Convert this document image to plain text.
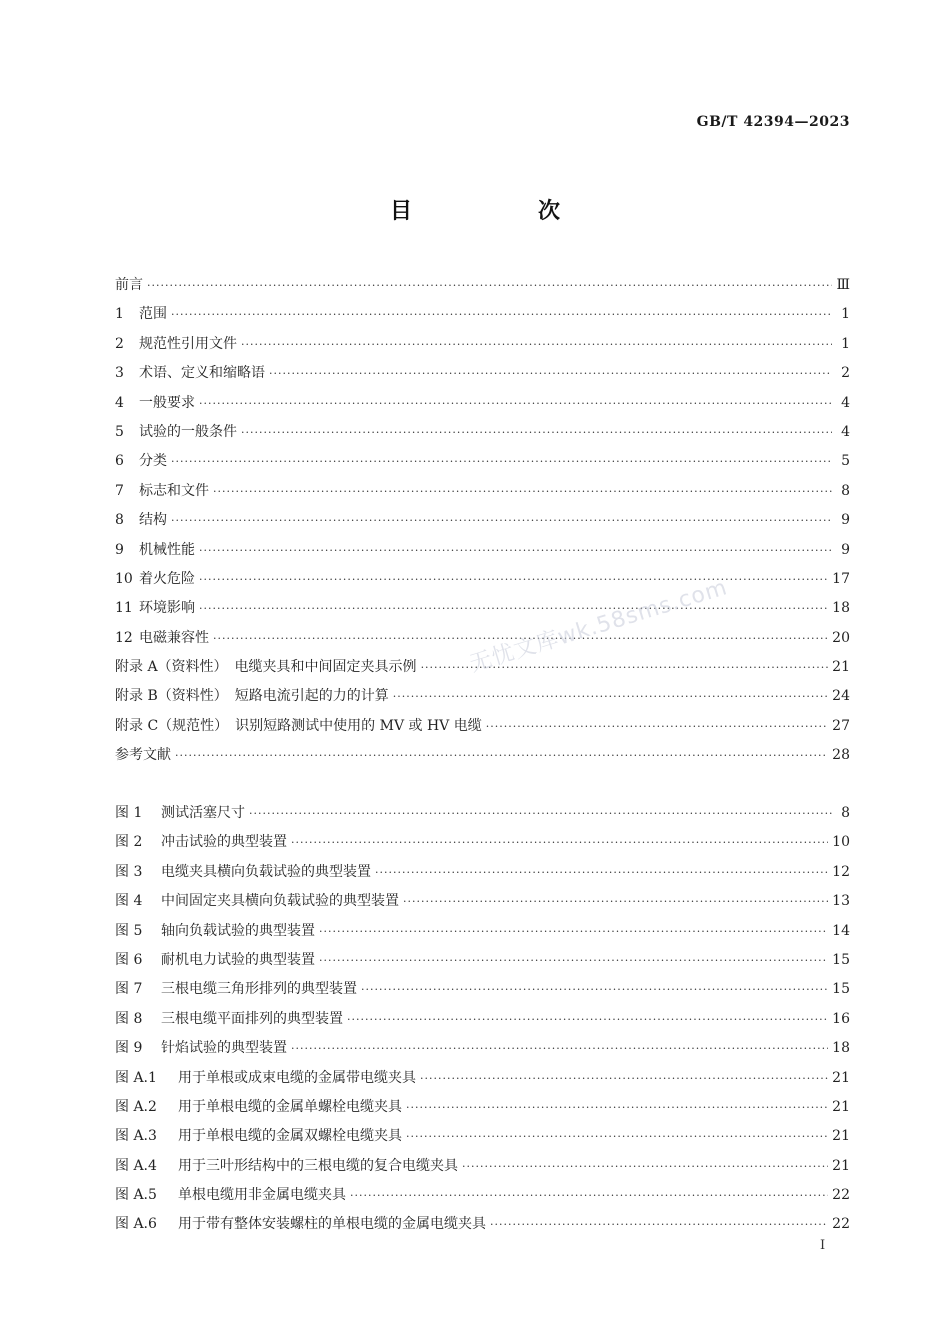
GB/T 42394—2023
目　次
前言 ·····	Ⅲ
1	范围 ·····	1
2	规范性引用文件 ·····	1
3	术语、定义和缩略语 ·····	2
4	一般要求 ·····	4
5	试验的一般条件 ·····	4
6	分类 ·····	5
7	标志和文件 ·····	8
8	结构 ·····	9
9	机械性能 ·····	9
10 着火危险 ·····	17
11 环境影响 ·····	18
12 电磁兼容性 ·····	20
附录 A（资料性）　电缆夹具和中间固定夹具示例 ·····	21
附录 B（资料性）　短路电流引起的力的计算 ·····	24
附录 C（规范性）　识别短路测试中使用的 MV 或 HV 电缆 ·····	27
参考文献 ·····	28
图 1	测试活塞尺寸 ·····	8
图 2	冲击试验的典型装置 ·····	10
图 3	电缆夹具横向负载试验的典型装置 ·····	12
图 4	中间固定夹具横向负载试验的典型装置 ·····	13
图 5	轴向负载试验的典型装置 ·····	14
图 6	耐机电力试验的典型装置 ·····	15
图 7	三根电缆三角形排列的典型装置 ·····	15
图 8	三根电缆平面排列的典型装置 ·····	16
图 9	针焰试验的典型装置 ·····	18
图 A.1	用于单根或成束电缆的金属带电缆夹具 ·····	21
图 A.2	用于单根电缆的金属单螺栓电缆夹具 ·····	21
图 A.3	用于单根电缆的金属双螺栓电缆夹具 ·····	21
图 A.4	用于三叶形结构中的三根电缆的复合电缆夹具 ·····	21
图 A.5	单根电缆用非金属电缆夹具 ·····	22
图 A.6	用于带有整体安装螺柱的单根电缆的金属电缆夹具 ·····	22
Ⅰ
无忧文库wk.58sms.com
